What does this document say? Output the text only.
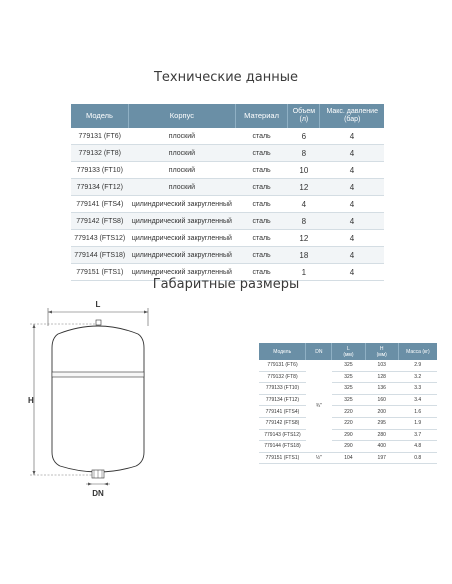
Технические данные
Модель	Корпус	Материал	Объем
(л)	Макс. давление
(бар)
779131 (FT6)	плоский	сталь	6	4
779132 (FT8)	плоский	сталь	8	4
779133 (FT10)	плоский	сталь	10	4
779134 (FT12)	плоский	сталь	12	4
779141 (FTS4)	цилиндрический закругленный	сталь	4	4
779142 (FTS8)	цилиндрический закругленный	сталь	8	4
779143 (FTS12)	цилиндрический закругленный	сталь	12	4
779144 (FTS18)	цилиндрический закругленный	сталь	18	4
779151 (FTS1)	цилиндрический закругленный	сталь	1	4
Габаритные размеры
L
H
DN
Модель	DN	L
(мм)	H
(мм)	Масса (кг)
779131 (FT6)	¾"	325	103	2.9
779132 (FT8)		325	128	3.2
779133 (FT10)		325	136	3.3
779134 (FT12)		325	160	3.4
779141 (FTS4)		220	200	1.6
779142 (FTS8)		220	295	1.9
779143 (FTS12)		290	280	3.7
779144 (FTS18)		290	400	4.8
779151 (FTS1)	½"	104	197	0.8
